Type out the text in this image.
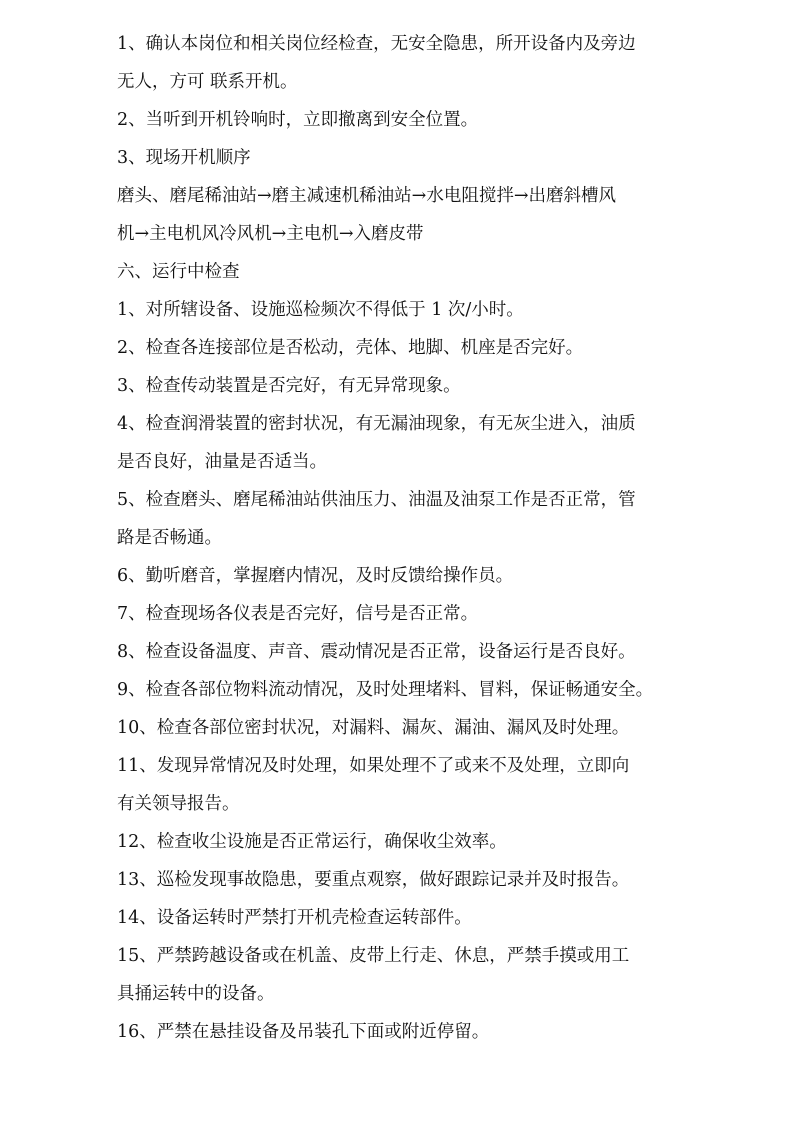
1、确认本岗位和相关岗位经检查，无安全隐患，所开设备内及旁边
无人，方可 联系开机。
2、当听到开机铃响时，立即撤离到安全位置。
3、现场开机顺序
磨头、磨尾稀油站→磨主减速机稀油站→水电阻搅拌→出磨斜槽风
机→主电机风冷风机→主电机→入磨皮带
六、运行中检查
1、对所辖设备、设施巡检频次不得低于 1 次/小时。
2、检查各连接部位是否松动，壳体、地脚、机座是否完好。
3、检查传动装置是否完好，有无异常现象。
4、检查润滑装置的密封状况，有无漏油现象，有无灰尘进入，油质
是否良好，油量是否适当。
5、检查磨头、磨尾稀油站供油压力、油温及油泵工作是否正常，管
路是否畅通。
6、勤听磨音，掌握磨内情况，及时反馈给操作员。
7、检查现场各仪表是否完好，信号是否正常。
8、检查设备温度、声音、震动情况是否正常，设备运行是否良好。
9、检查各部位物料流动情况，及时处理堵料、冒料，保证畅通安全。
10、检查各部位密封状况，对漏料、漏灰、漏油、漏风及时处理。
11、发现异常情况及时处理，如果处理不了或来不及处理，立即向
有关领导报告。
12、检查收尘设施是否正常运行，确保收尘效率。
13、巡检发现事故隐患，要重点观察，做好跟踪记录并及时报告。
14、设备运转时严禁打开机壳检查运转部件。
15、严禁跨越设备或在机盖、皮带上行走、休息，严禁手摸或用工
具捅运转中的设备。
16、严禁在悬挂设备及吊装孔下面或附近停留。
